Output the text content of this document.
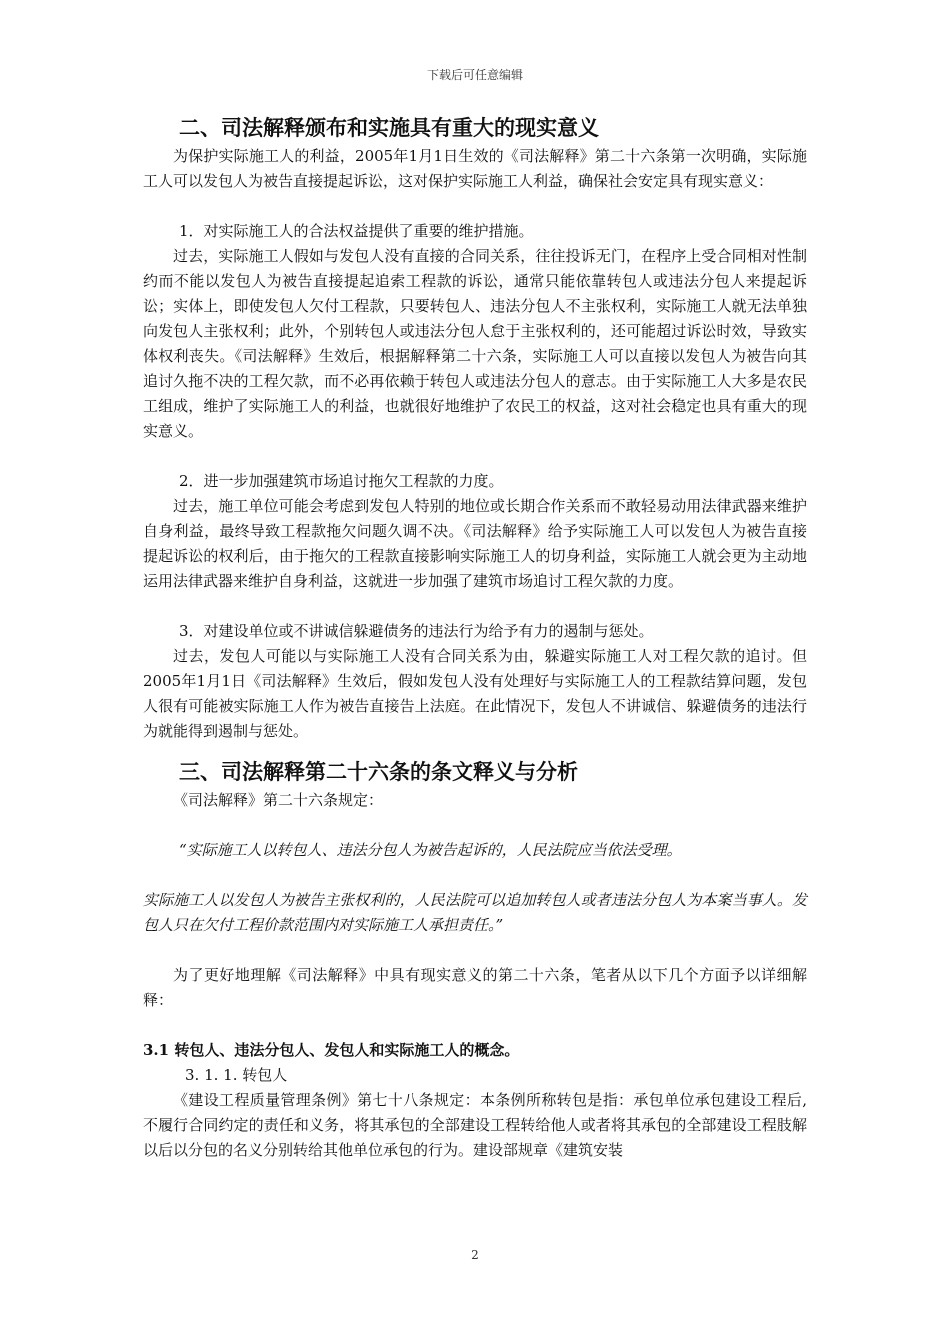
下载后可任意编辑
二、司法解释颁布和实施具有重大的现实意义

为保护实际施工人的利益，2005年1月1日生效的《司法解释》第二十六条第一次明确，实际施工人可以发包人为被告直接提起诉讼，这对保护实际施工人利益，确保社会安定具有现实意义：

1．对实际施工人的合法权益提供了重要的维护措施。

过去，实际施工人假如与发包人没有直接的合同关系，往往投诉无门，在程序上受合同相对性制约而不能以发包人为被告直接提起追索工程款的诉讼，通常只能依靠转包人或违法分包人来提起诉讼；实体上，即使发包人欠付工程款，只要转包人、违法分包人不主张权利，实际施工人就无法单独向发包人主张权利；此外，个别转包人或违法分包人怠于主张权利的，还可能超过诉讼时效，导致实体权利丧失。《司法解释》生效后，根据解释第二十六条，实际施工人可以直接以发包人为被告向其追讨久拖不决的工程欠款，而不必再依赖于转包人或违法分包人的意志。由于实际施工人大多是农民工组成，维护了实际施工人的利益，也就很好地维护了农民工的权益，这对社会稳定也具有重大的现实意义。

2．进一步加强建筑市场追讨拖欠工程款的力度。

过去，施工单位可能会考虑到发包人特别的地位或长期合作关系而不敢轻易动用法律武器来维护自身利益，最终导致工程款拖欠问题久调不决。《司法解释》给予实际施工人可以发包人为被告直接提起诉讼的权利后，由于拖欠的工程款直接影响实际施工人的切身利益，实际施工人就会更为主动地运用法律武器来维护自身利益，这就进一步加强了建筑市场追讨工程欠款的力度。

3．对建设单位或不讲诚信躲避债务的违法行为给予有力的遏制与惩处。

过去，发包人可能以与实际施工人没有合同关系为由，躲避实际施工人对工程欠款的追讨。但2005年1月1日《司法解释》生效后，假如发包人没有处理好与实际施工人的工程款结算问题，发包人很有可能被实际施工人作为被告直接告上法庭。在此情况下，发包人不讲诚信、躲避债务的违法行为就能得到遏制与惩处。

三、司法解释第二十六条的条文释义与分析

《司法解释》第二十六条规定：

“实际施工人以转包人、违法分包人为被告起诉的，人民法院应当依法受理。

实际施工人以发包人为被告主张权利的，人民法院可以追加转包人或者违法分包人为本案当事人。发包人只在欠付工程价款范围内对实际施工人承担责任。”

为了更好地理解《司法解释》中具有现实意义的第二十六条，笔者从以下几个方面予以详细解释：

3.1 转包人、违法分包人、发包人和实际施工人的概念。

3. 1. 1. 转包人

《建设工程质量管理条例》第七十八条规定：本条例所称转包是指：承包单位承包建设工程后,不履行合同约定的责任和义务，将其承包的全部建设工程转给他人或者将其承包的全部建设工程肢解以后以分包的名义分别转给其他单位承包的行为。建设部规章《建筑安装

2
